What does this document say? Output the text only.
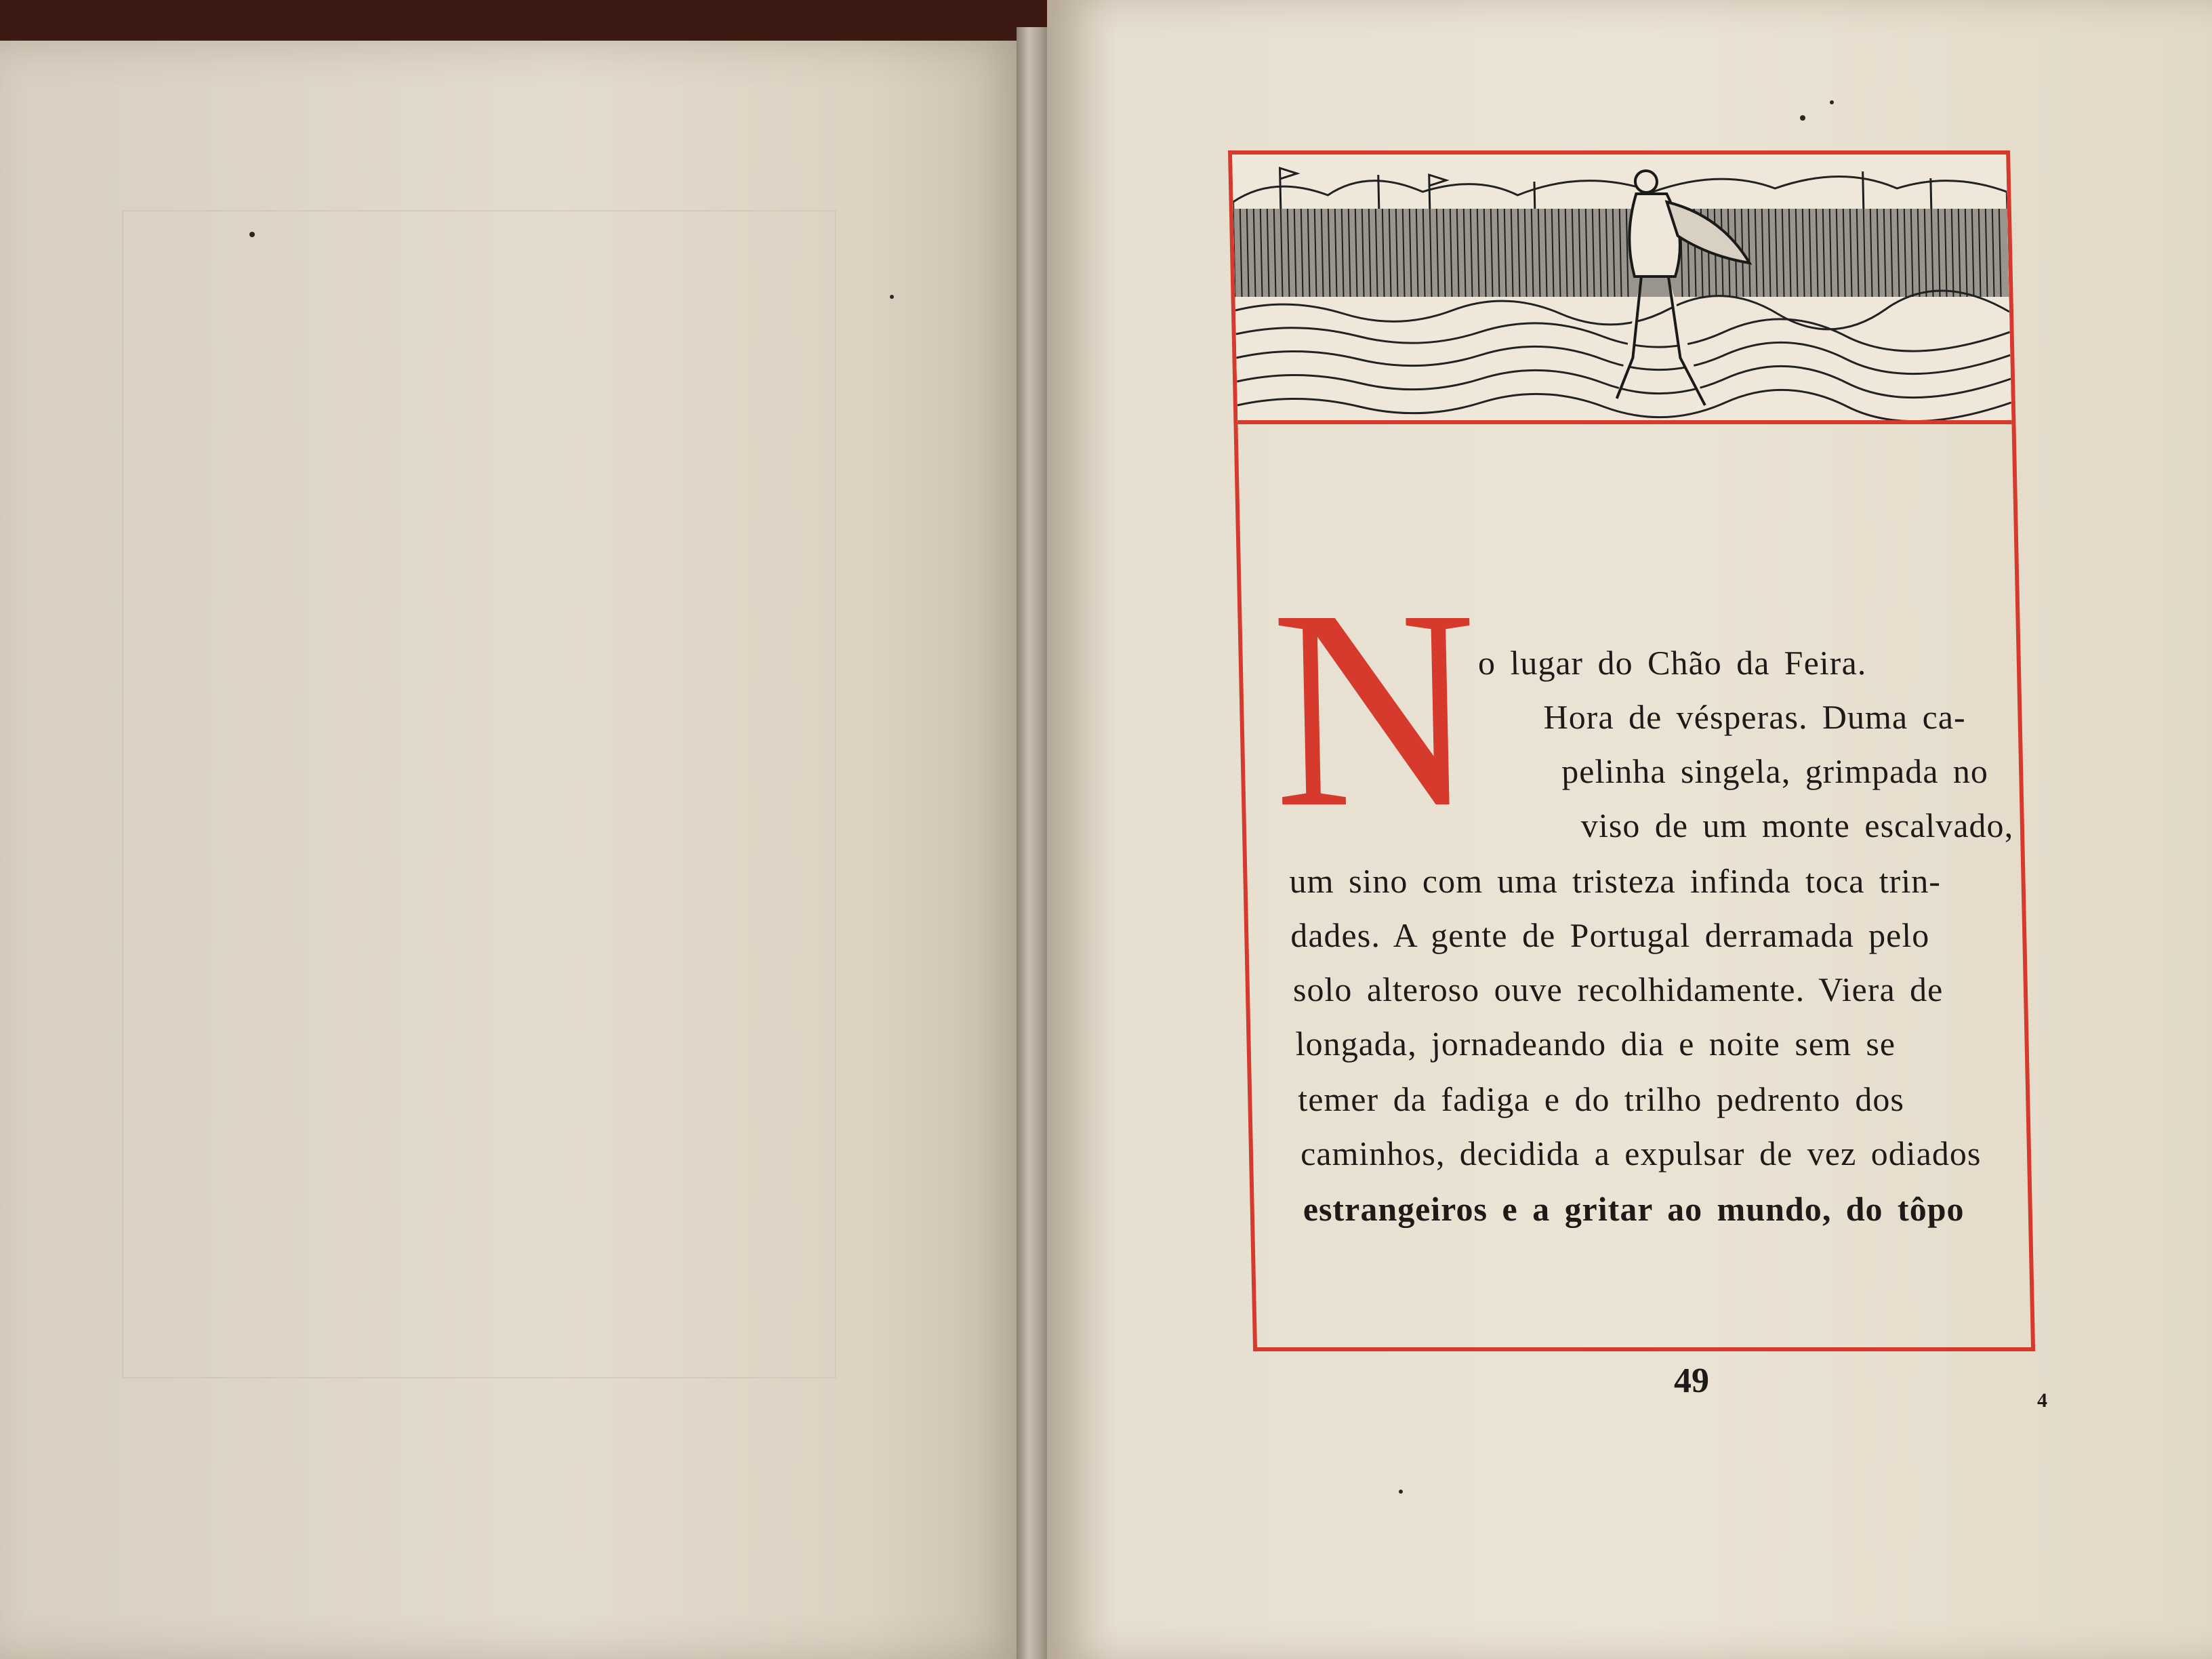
N
o lugar do Chão da Feira.
Hora de vésperas. Duma ca-
pelinha singela, grimpada no
viso de um monte escalvado,
um sino com uma tristeza infinda toca trin-
dades. A gente de Portugal derramada pelo
solo alteroso ouve recolhidamente. Viera de
longada, jornadeando dia e noite sem se
temer da fadiga e do trilho pedrento dos
caminhos, decidida a expulsar de vez odiados
estrangeiros e a gritar ao mundo, do tôpo
49
4
